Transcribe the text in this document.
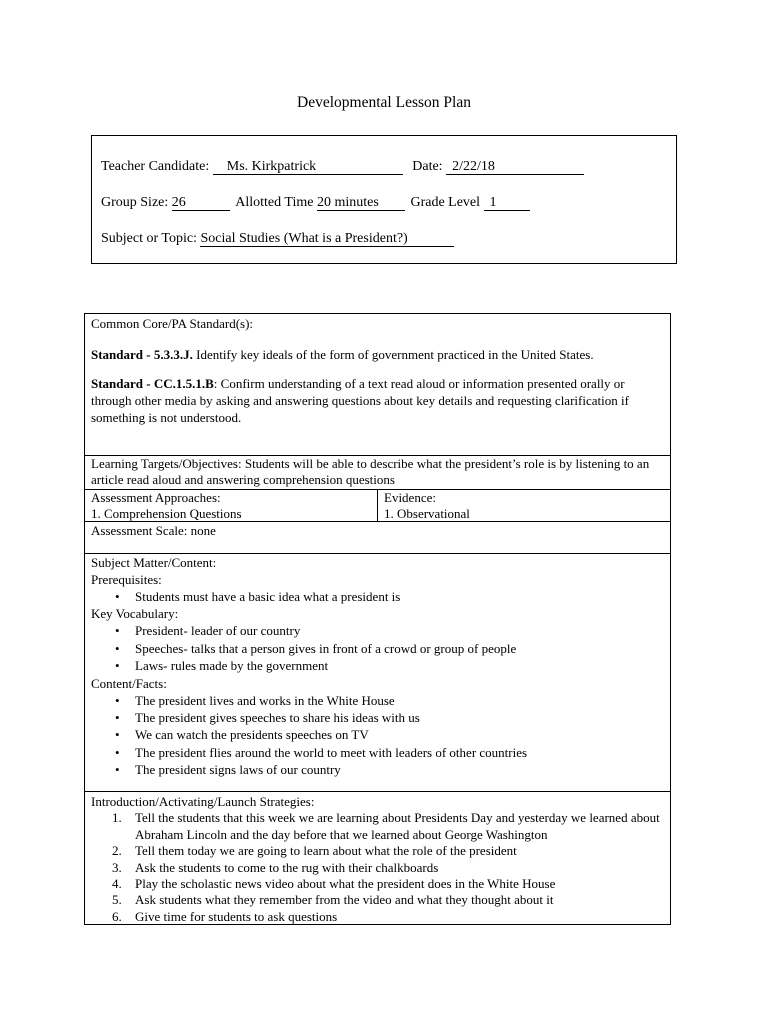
Developmental Lesson Plan
Teacher Candidate: Ms. Kirkpatrick	Date: 2/22/18
Group Size: 26	Allotted Time 20 minutes Grade Level 1
Subject or Topic: Social Studies (What is a President?)
Common Core/PA Standard(s):

Standard - 5.3.3.J. Identify key ideals of the form of government practiced in the United States.

Standard - CC.1.5.1.B: Confirm understanding of a text read aloud or information presented orally or through other media by asking and answering questions about key details and requesting clarification if something is not understood.

Learning Targets/Objectives: Students will be able to describe what the president’s role is by listening to an article read aloud and answering comprehension questions
Assessment Approaches:
1. Comprehension Questions
Evidence:
1. Observational
Assessment Scale: none
Subject Matter/Content:
Prerequisites:
• Students must have a basic idea what a president is
Key Vocabulary:
• President- leader of our country
• Speeches- talks that a person gives in front of a crowd or group of people
• Laws- rules made by the government
Content/Facts:
• The president lives and works in the White House
• The president gives speeches to share his ideas with us
• We can watch the presidents speeches on TV
• The president flies around the world to meet with leaders of other countries
• The president signs laws of our country
Introduction/Activating/Launch Strategies:
1. Tell the students that this week we are learning about Presidents Day and yesterday we learned about Abraham Lincoln and the day before that we learned about George Washington
2. Tell them today we are going to learn about what the role of the president
3. Ask the students to come to the rug with their chalkboards
4. Play the scholastic news video about what the president does in the White House
5. Ask students what they remember from the video and what they thought about it
6. Give time for students to ask questions
